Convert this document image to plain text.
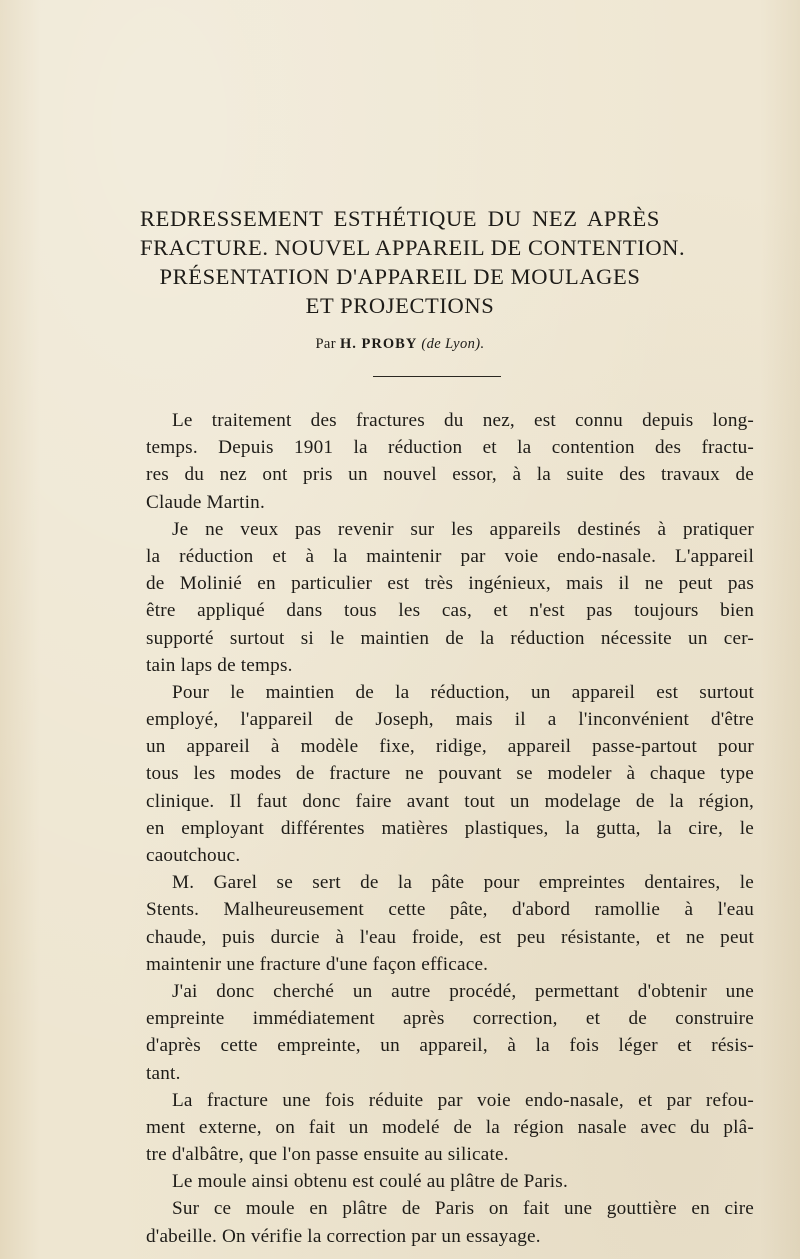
REDRESSEMENT ESTHÉTIQUE DU NEZ APRÈS
FRACTURE. NOUVEL APPAREIL DE CONTENTION.
PRÉSENTATION D'APPAREIL DE MOULAGES
ET PROJECTIONS
Par H. PROBY (de Lyon).
Le traitement des fractures du nez, est connu depuis long-
temps. Depuis 1901 la réduction et la contention des fractu-
res du nez ont pris un nouvel essor, à la suite des travaux de
Claude Martin.
Je ne veux pas revenir sur les appareils destinés à pratiquer
la réduction et à la maintenir par voie endo-nasale. L'appareil
de Molinié en particulier est très ingénieux, mais il ne peut pas
être appliqué dans tous les cas, et n'est pas toujours bien
supporté surtout si le maintien de la réduction nécessite un cer-
tain laps de temps.
Pour le maintien de la réduction, un appareil est surtout
employé, l'appareil de Joseph, mais il a l'inconvénient d'être
un appareil à modèle fixe, ridige, appareil passe-partout pour
tous les modes de fracture ne pouvant se modeler à chaque type
clinique. Il faut donc faire avant tout un modelage de la région,
en employant différentes matières plastiques, la gutta, la cire, le
caoutchouc.
M. Garel se sert de la pâte pour empreintes dentaires, le
Stents. Malheureusement cette pâte, d'abord ramollie à l'eau
chaude, puis durcie à l'eau froide, est peu résistante, et ne peut
maintenir une fracture d'une façon efficace.
J'ai donc cherché un autre procédé, permettant d'obtenir une
empreinte immédiatement après correction, et de construire
d'après cette empreinte, un appareil, à la fois léger et résis-
tant.
La fracture une fois réduite par voie endo-nasale, et par refou-
ment externe, on fait un modelé de la région nasale avec du plâ-
tre d'albâtre, que l'on passe ensuite au silicate.
Le moule ainsi obtenu est coulé au plâtre de Paris.
Sur ce moule en plâtre de Paris on fait une gouttière en cire
d'abeille. On vérifie la correction par un essayage.
